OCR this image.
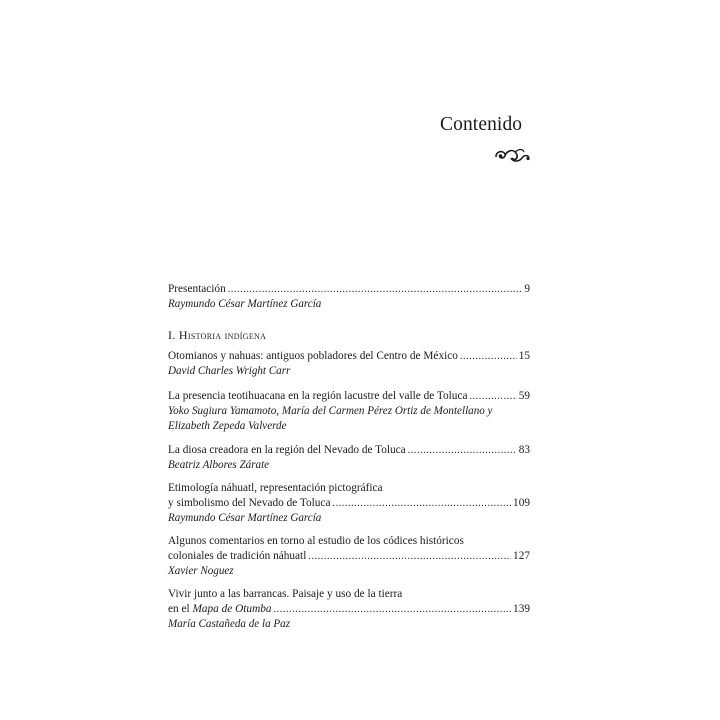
Contenido
Presentación .....	9
Raymundo César Martínez García
I. Historia indígena
Otomianos y nahuas: antiguos pobladores del Centro de México .....	15
David Charles Wright Carr
La presencia teotihuacana en la región lacustre del valle de Toluca .....	59
Yoko Sugiura Yamamoto, María del Carmen Pérez Ortiz de Montellano y
Elizabeth Zepeda Valverde
La diosa creadora en la región del Nevado de Toluca .....	83
Beatriz Albores Zárate
Etimología náhuatl, representación pictográfica
y simbolismo del Nevado de Toluca .....	109
Raymundo César Martínez García
Algunos comentarios en torno al estudio de los códices históricos
coloniales de tradición náhuatl .....	127
Xavier Noguez
Vivir junto a las barrancas. Paisaje y uso de la tierra
en el Mapa de Otumba .....	139
María Castañeda de la Paz
